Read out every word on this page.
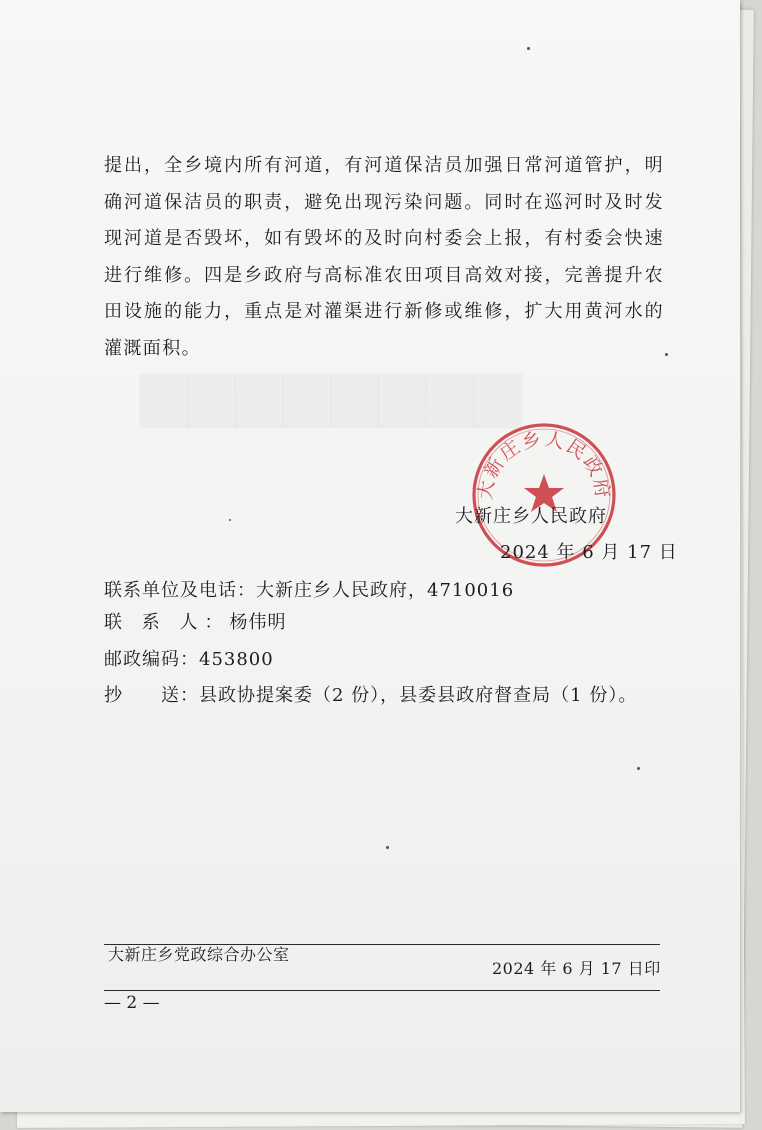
▆▆▆▆▆▆▆▆

提出，全乡境内所有河道，有河道保洁员加强日常河道管护，明确河道保洁员的职责，避免出现污染问题。同时在巡河时及时发现河道是否毁坏，如有毁坏的及时向村委会上报，有村委会快速进行维修。四是乡政府与高标准农田项目高效对接，完善提升农田设施的能力，重点是对灌渠进行新修或维修，扩大用黄河水的灌溉面积。

大新庄乡人民政府
大新庄乡人民政府
2024 年 6 月 17 日
联系单位及电话：大新庄乡人民政府，4710016
联 系 人：杨伟明
邮政编码：453800
抄　　送：县政协提案委（2 份），县委县政府督查局（1 份）。
大新庄乡党政综合办公室
2024 年 6 月 17 日印
— 2 —
